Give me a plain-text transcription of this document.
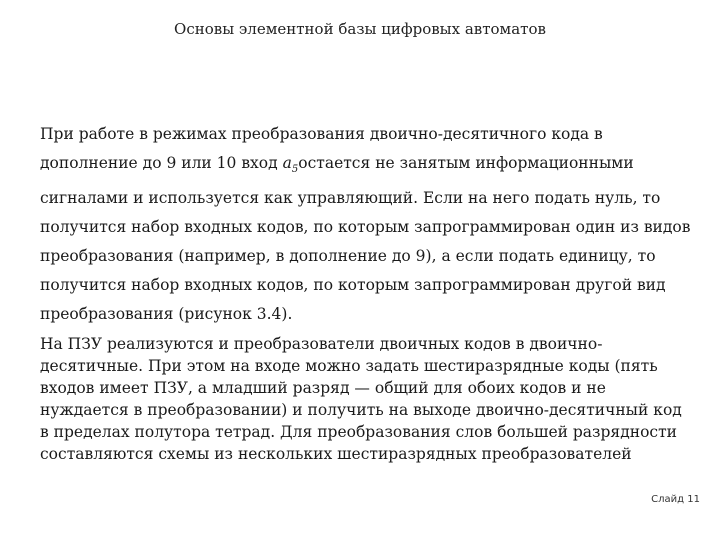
Основы элементной базы цифровых автоматов

При работе в режимах преобразования двоично-десятичного кода в дополнение до 9 или 10 вход $a_5остается$ не занятым информационными сигналами и используется как управляющий. Если на него подать нуль, то получится набор входных кодов, по которым запрограммирован один из видов преобразования (например, в дополнение до 9), а если подать единицу, то получится набор входных кодов, по которым запрограммирован другой вид преобразования (рисунок 3.4).

На ПЗУ реализуются и преобразователи двоичных кодов в двоично-десятичные. При этом на входе можно задать шестиразрядные коды (пять входов имеет ПЗУ, а младший разряд — общий для обоих кодов и не нуждается в преобразовании) и получить на выходе двоично-десятичный код в пределах полутора тетрад. Для преобразования слов большей разрядности составляются схемы из нескольких шестиразрядных преобразователей

Слайд 11
